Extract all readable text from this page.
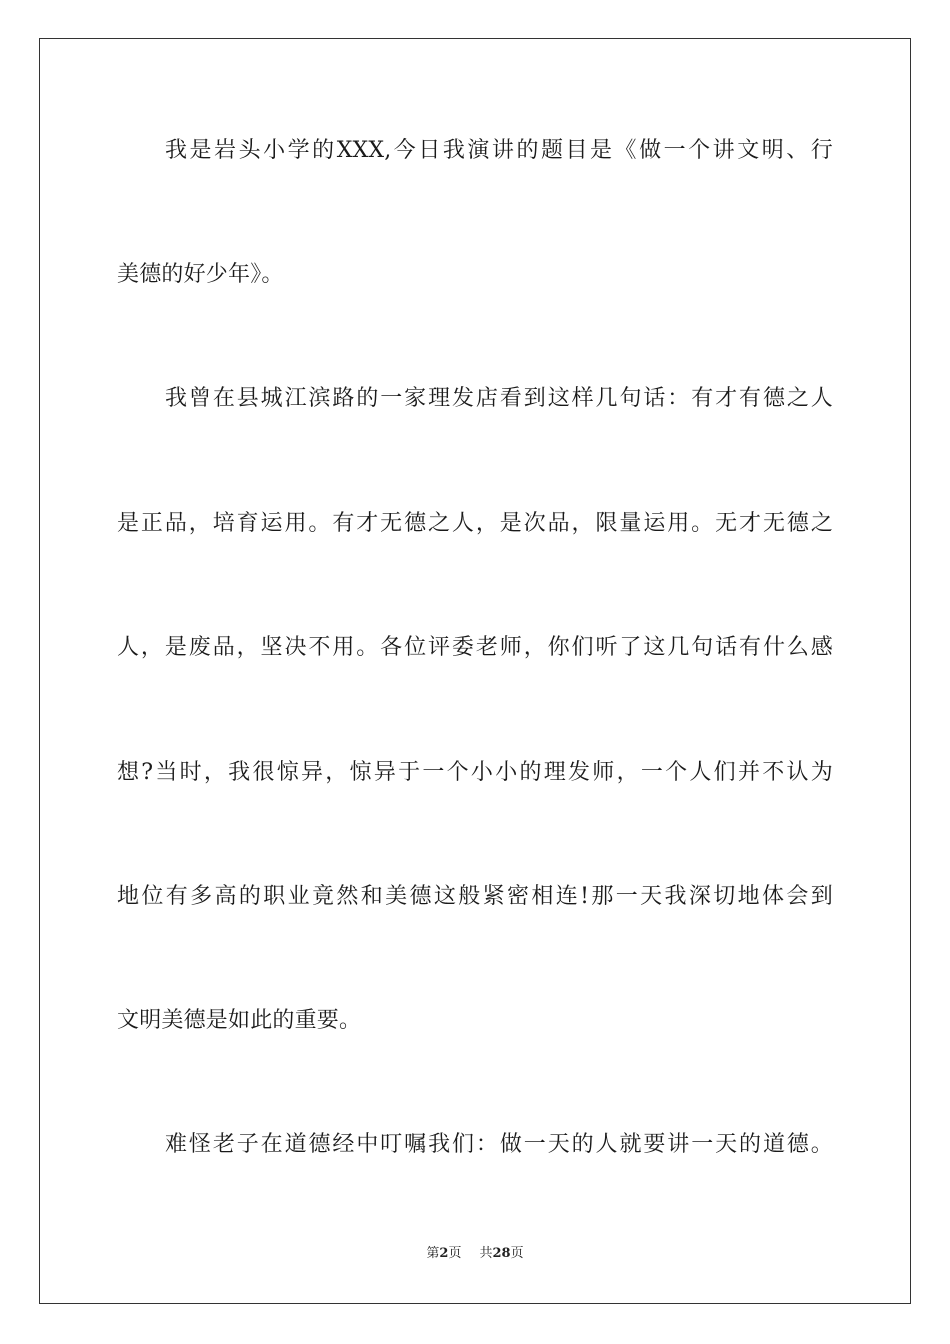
我是岩头小学的XXX,今日我演讲的题目是《做一个讲文明、行
美德的好少年》。
我曾在县城江滨路的一家理发店看到这样几句话：有才有德之人
是正品，培育运用。有才无德之人，是次品，限量运用。无才无德之
人，是废品，坚决不用。各位评委老师，你们听了这几句话有什么感
想?当时，我很惊异，惊异于一个小小的理发师，一个人们并不认为
地位有多高的职业竟然和美德这般紧密相连!那一天我深切地体会到
文明美德是如此的重要。
难怪老子在道德经中叮嘱我们：做一天的人就要讲一天的道德。
第2页 共28页
